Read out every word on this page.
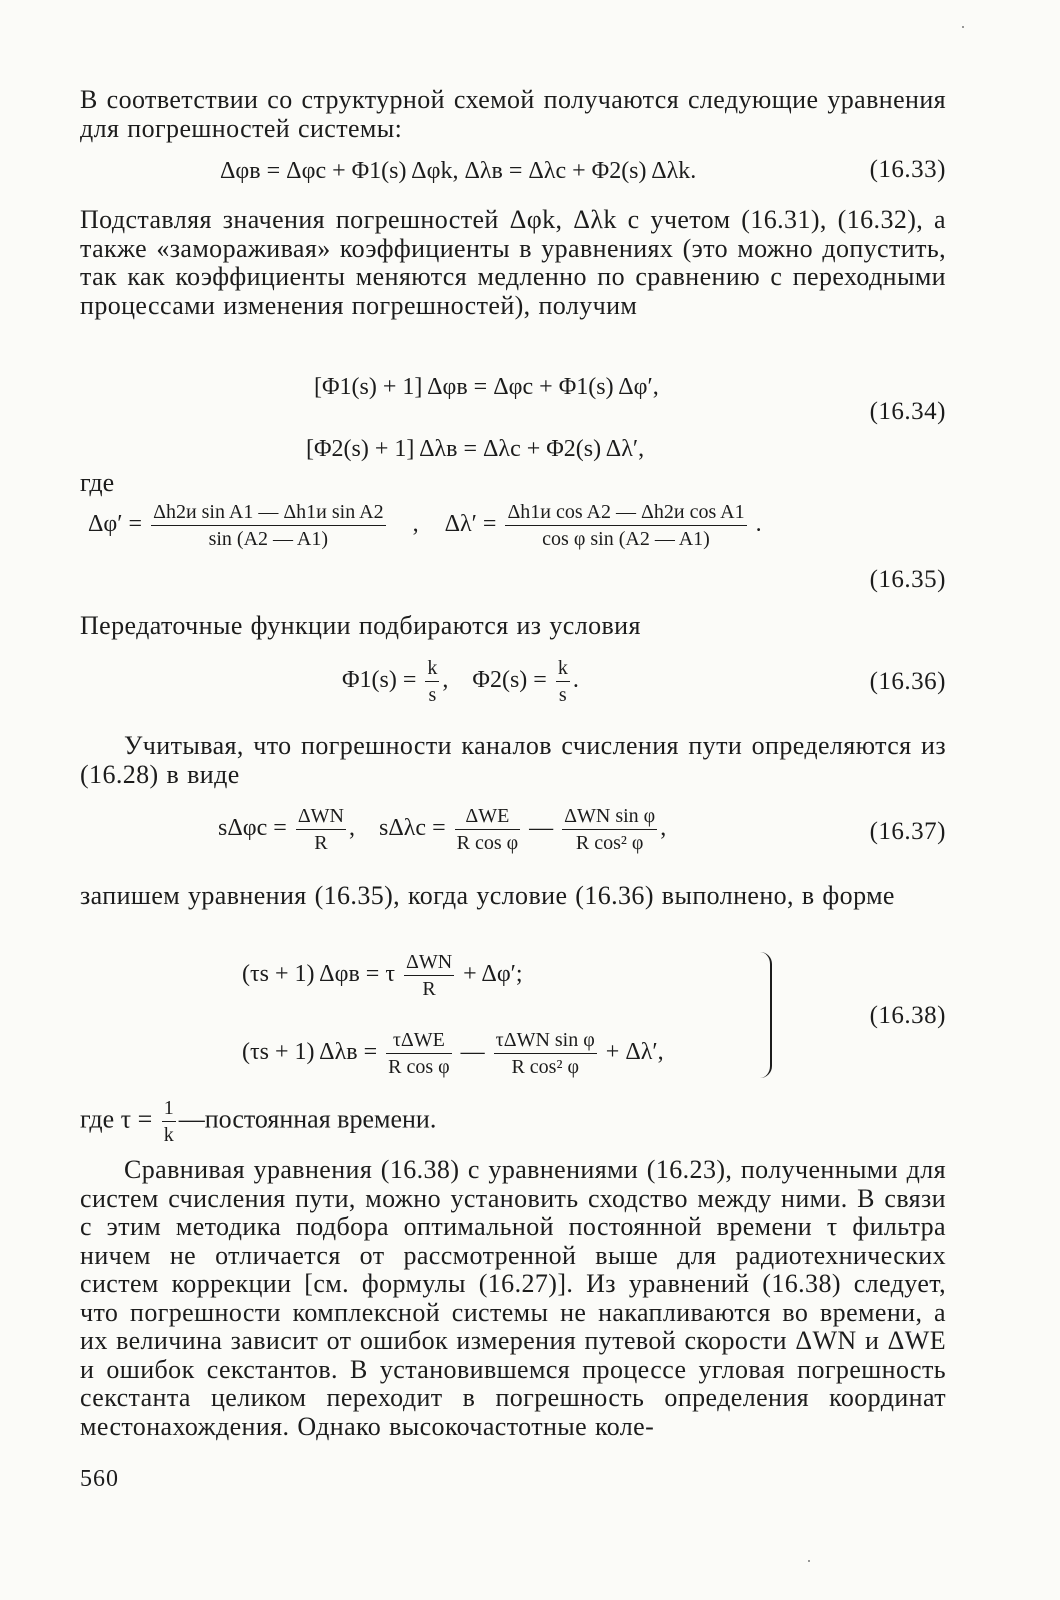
В соответствии со структурной схемой получаются следующие уравнения для погрешностей системы:
Δφв = Δφc + Φ1(s) Δφk, Δλв = Δλc + Φ2(s) Δλk.	(16.33)
Подставляя значения погрешностей Δφk, Δλk с учетом (16.31), (16.32), а также «замораживая» коэффициенты в уравнениях (это можно допустить, так как коэффициенты меняются медленно по сравнению с переходными процессами изменения погрешностей), получим
[Φ1(s) + 1] Δφв = Δφc + Φ1(s) Δφ′,
[Φ2(s) + 1] Δλв = Δλc + Φ2(s) Δλ′,
(16.34)
где
$\Delta\varphi' = \frac{\text{Δh2и sin A1 — Δh1и sin A2}}{\sin (A2 — A1)}$ , $\Delta\lambda' = \frac{\text{Δh1и cos A2 — Δh2и cos A1}}{\text{cos φ sin (A2 — A1)}}$ .
(16.35)
Передаточные функции подбираются из условия
$\Phi 1(s) = \frac{k}{s}$ , $\Phi 2(s) = \frac{k}{s}$ .	(16.36)
Учитывая, что погрешности каналов счисления пути определяются из (16.28) в виде
$s\Delta\varphi c = \frac{\text{ΔWN}}{R}$ , $s\Delta\lambda c = \frac{\text{ΔWE}}{\text{R cos φ}}$ — $\frac{\text{ΔWN sin φ}}{\text{R cos² φ}}$ ,	(16.37)
запишем уравнения (16.35), когда условие (16.36) выполнено, в форме
(τs + 1) Δφв = τ $\frac{\text{ΔWN}}{R} + \Delta\varphi'$;
(τs + 1) $\Delta\lambda в = \frac{\text{τΔWE}}{\text{R cos φ}}$ — $\frac{\text{τΔWN sin φ}}{\text{R cos² φ}} + \Delta\lambda'$,
(16.38)
где $\tau = \frac{1}{k}$ —постоянная времени.
Сравнивая уравнения (16.38) с уравнениями (16.23), полученными для систем счисления пути, можно установить сходство между ними. В связи с этим методика подбора оптимальной постоянной времени τ фильтра ничем не отличается от рассмотренной выше для радиотехнических систем коррекции [см. формулы (16.27)]. Из уравнений (16.38) следует, что погрешности комплексной системы не накапливаются во времени, а их величина зависит от ошибок измерения путевой скорости ΔWN и ΔWE и ошибок секстантов. В установившемся процессе угловая погрешность секстанта целиком переходит в погрешность определения координат местонахождения. Однако высокочастотные коле-
560
